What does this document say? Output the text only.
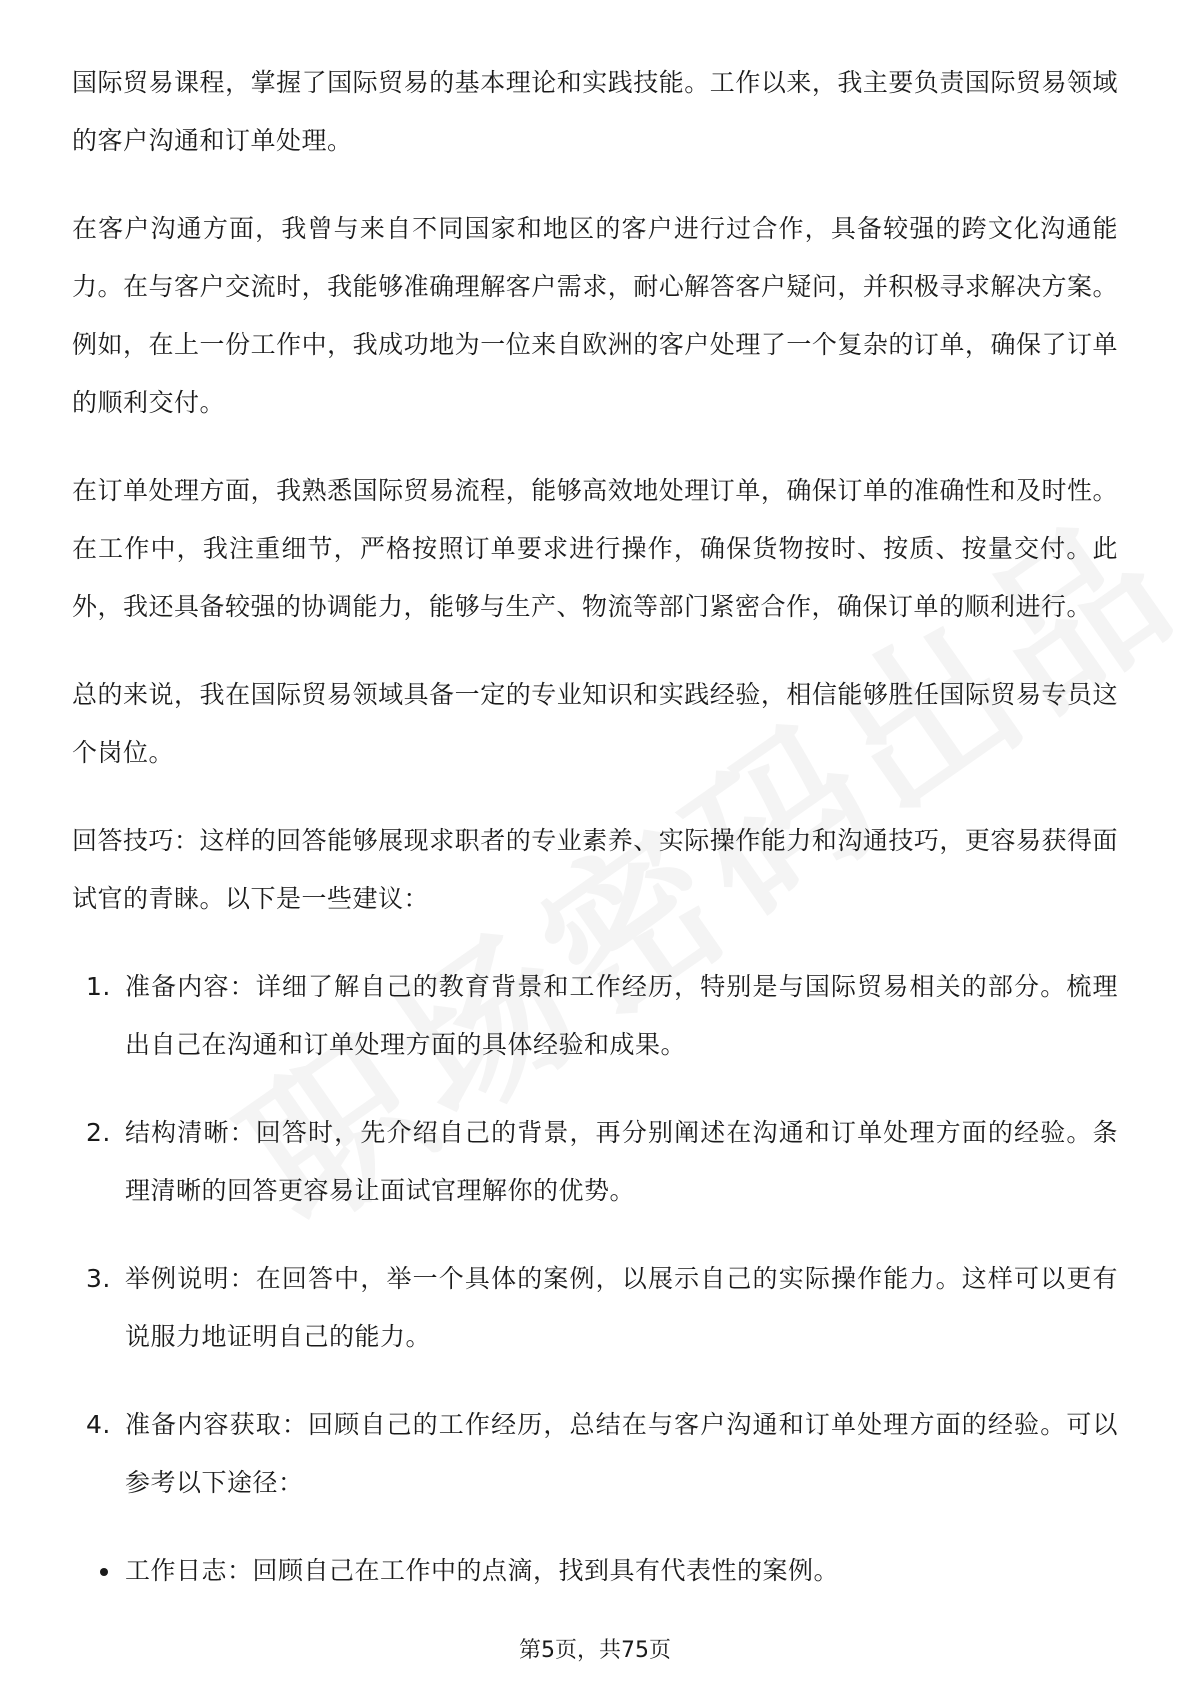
国际贸易课程，掌握了国际贸易的基本理论和实践技能。工作以来，我主要负责国际贸易领域的客户沟通和订单处理。

在客户沟通方面，我曾与来自不同国家和地区的客户进行过合作，具备较强的跨文化沟通能力。在与客户交流时，我能够准确理解客户需求，耐心解答客户疑问，并积极寻求解决方案。例如，在上一份工作中，我成功地为一位来自欧洲的客户处理了一个复杂的订单，确保了订单的顺利交付。

在订单处理方面，我熟悉国际贸易流程，能够高效地处理订单，确保订单的准确性和及时性。在工作中，我注重细节，严格按照订单要求进行操作，确保货物按时、按质、按量交付。此外，我还具备较强的协调能力，能够与生产、物流等部门紧密合作，确保订单的顺利进行。

总的来说，我在国际贸易领域具备一定的专业知识和实践经验，相信能够胜任国际贸易专员这个岗位。

回答技巧：这样的回答能够展现求职者的专业素养、实际操作能力和沟通技巧，更容易获得面试官的青睐。以下是一些建议：

1. 准备内容：详细了解自己的教育背景和工作经历，特别是与国际贸易相关的部分。梳理出自己在沟通和订单处理方面的具体经验和成果。
2. 结构清晰：回答时，先介绍自己的背景，再分别阐述在沟通和订单处理方面的经验。条理清晰的回答更容易让面试官理解你的优势。
3. 举例说明：在回答中，举一个具体的案例，以展示自己的实际操作能力。这样可以更有说服力地证明自己的能力。
4. 准备内容获取：回顾自己的工作经历，总结在与客户沟通和订单处理方面的经验。可以参考以下途径：
工作日志：回顾自己在工作中的点滴，找到具有代表性的案例。
第5页，共75页
